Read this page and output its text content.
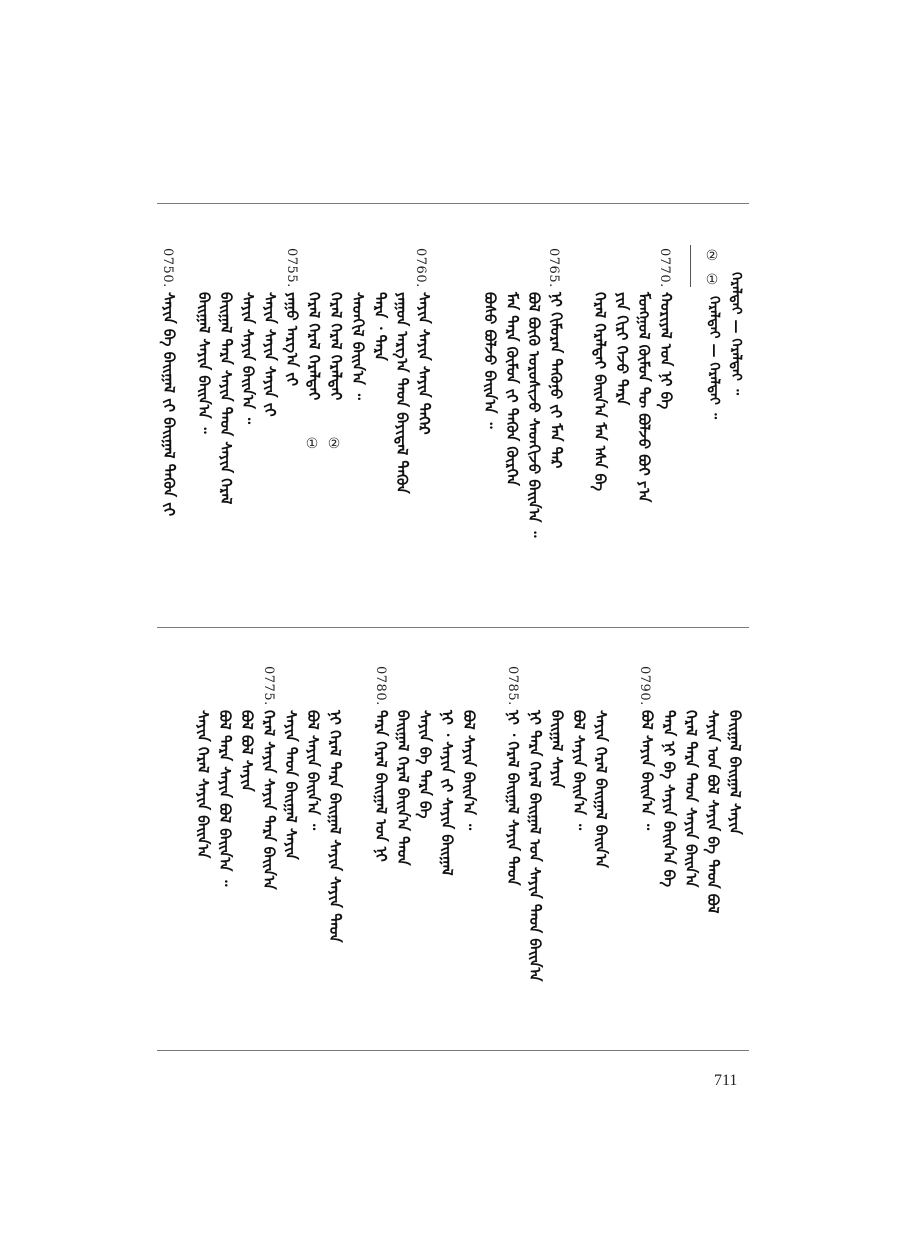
②
① ᠭᠡᠷᠡᠯᠲᠡᠶ — ᠭᠡᠷᠡᠯᠲᠡᠶ ᠃
ᠭᠡᠷᠡᠯᠲᠡᠶ — ᠭᠡᠷᠡᠯᠲᠡᠶ ᠃
0770.
ᠬᠤᠷᠢᠶᠠᠯ ᠤᠨ ᠨᠢ ᠪᠡ
ᠮᠣᠩᠭᠣᠯ ᠬᠦᠮᠦᠨ ᠲᠦ ᠪᠣᠯᠵᠤ ᠪᠤᠢ ᠶ᠎ᠠ
ᠶᠢᠨ ᠬᠢᠷᠢ ᠭᠡᠵᠦ ᠲᠡᠷᠡ
ᠭᠡᠷᠡᠯ ᠭᠡᠷᠡᠯᠲᠡᠶ ᠪᠠᠢᠨ᠎ᠠ ᠮᠠᠨ ᠡᠰᠡ ᠪᠡ
0765.
ᠨᠢ ᠬᠢᠮᠤᠷᠠᠨ ᠲᠡᠭᠦᠨᠦ ᠶ᠋ᠢ ᠮᠠᠨ ᠳᠠᠷ
ᠪᠣᠯ ᠪᠦᠬᠦ ᠤᠷᠤᠰᠢᠵᠤ ᠰᠡᠳᠬᠢᠵᠦ ᠪᠠᠢᠨ᠎ᠠ ᠃
ᠮᠠᠨ ᠲᠡᠷᠡ ᠬᠦᠮᠦᠨ ᠶ᠋ᠢ ᠲᠡᠭᠦᠨ ᠬᠦᠷᠭᠡᠨ
ᠪᠤᠰᠤ ᠪᠣᠯᠵᠤ ᠪᠠᠢᠨ᠎ᠠ ᠃
0760.
ᠰᠠᠶᠢᠨ ᠰᠠᠶᠢᠨ ᠰᠠᠶᠢᠨ ᠳᠡᠭᠡᠷ
ᠶᠠᠭᠤᠨ ᠠᠷᠭ᠎ᠠ ᠲᠡᠳ ᠪᠠᠶᠢᠳᠠᠯ ᠲᠡᠭᠦᠨ
ᠲᠡᠷᠡ ᠂ ᠲᠡᠷᠡ
ᠰᠡᠳᠬᠢᠯ ᠪᠠᠢᠨ᠎ᠠ ᠃
ᠭᠡᠷᠡᠯ ᠭᠡᠷᠡᠯ ᠭᠡᠷᠡᠯᠲᠡᠶ
ᠭᠡᠷᠡᠯ ᠭᠡᠷᠡᠯ ᠭᠡᠷᠡᠯᠲᠡᠶ
②
①
0755.
ᠶᠠᠭᠤ ᠠᠷᠭ᠎ᠠ ᠶ᠋ᠢ
ᠰᠠᠶᠢᠨ ᠰᠠᠶᠢᠨ ᠰᠠᠶᠢᠨ ᠶ᠋ᠢ
ᠰᠠᠶᠢᠨ ᠰᠠᠶᠢᠨ ᠪᠠᠢᠨ᠎ᠠ ᠃
ᠪᠠᠢᠭᠠᠯ ᠲᠡᠷᠡ ᠰᠠᠶᠢᠨ ᠲᠡᠳ ᠰᠠᠶᠢᠨ ᠭᠡᠷᠡᠯ
ᠪᠠᠢᠭᠠᠯ ᠰᠠᠶᠢᠨ ᠪᠠᠢᠨ᠎ᠠ ᠃
0750.
ᠰᠠᠶᠢᠨ ᠪᠡ ᠪᠠᠢᠭᠠᠯ ᠶ᠋ᠢ ᠪᠠᠢᠭᠠᠯ ᠲᠡᠭᠦᠨ ᠶ᠋ᠢ
0790.
ᠪᠠᠢᠭᠠᠯ ᠪᠠᠢᠭᠠᠯ ᠰᠠᠶᠢᠨ
ᠰᠠᠶᠢᠨ ᠤᠨ ᠪᠣᠯ ᠰᠠᠶᠢᠨ ᠪᠡ ᠲᠡᠳ ᠪᠣᠯ
ᠭᠡᠷᠡᠯ ᠲᠡᠷᠡ ᠲᠡᠳ ᠰᠠᠶᠢᠨ ᠪᠠᠢᠨ᠎ᠠ
ᠲᠡᠷᠡ ᠨᠢ ᠪᠡ ᠰᠠᠶᠢᠨ ᠪᠠᠢᠨ᠎ᠠ ᠪᠡ
ᠪᠣᠯ ᠰᠠᠶᠢᠨ ᠪᠠᠢᠨ᠎ᠠ ᠃
0785.
ᠰᠠᠶᠢᠨ ᠭᠡᠷᠡᠯ ᠪᠠᠢᠭᠠᠯ ᠪᠠᠢᠨ᠎ᠠ
ᠪᠣᠯ ᠰᠠᠶᠢᠨ ᠪᠠᠢᠨ᠎ᠠ ᠃
ᠪᠠᠢᠭᠠᠯ ᠰᠠᠶᠢᠨ
ᠨᠢ ᠲᠡᠷᠡ ᠭᠡᠷᠡᠯ ᠪᠠᠢᠭᠠᠯ ᠤᠨ ᠰᠠᠶᠢᠨ ᠲᠡᠳ ᠪᠠᠢᠨ᠎ᠠ
ᠨᠢ ᠂ ᠭᠡᠷᠡᠯ ᠪᠠᠢᠭᠠᠯ ᠰᠠᠶᠢᠨ ᠲᠡᠳ
0780.
ᠪᠣᠯ ᠰᠠᠶᠢᠨ ᠪᠠᠢᠨ᠎ᠠ ᠃
ᠨᠢ ᠂ ᠰᠠᠶᠢᠨ ᠶ᠋ᠢ ᠰᠠᠶᠢᠨ ᠪᠠᠢᠭᠠᠯ
ᠰᠠᠶᠢᠨ ᠪᠡ ᠲᠡᠷᠡ ᠪᠡ
ᠪᠠᠢᠭᠠᠯ ᠭᠡᠷᠡᠯ ᠪᠠᠢᠨ᠎ᠠ ᠲᠡᠳ
ᠲᠡᠷᠡ ᠭᠡᠷᠡᠯ ᠪᠠᠢᠭᠠᠯ ᠤᠨ ᠨᠢ
0775.
ᠨᠢ ᠭᠡᠷᠡᠯ ᠲᠡᠷᠡ ᠪᠠᠢᠭᠠᠯ ᠰᠠᠶᠢᠨ ᠰᠠᠶᠢᠨ ᠲᠡᠳ
ᠪᠣᠯ ᠰᠠᠶᠢᠨ ᠪᠠᠢᠨ᠎ᠠ ᠃
ᠰᠠᠶᠢᠨ ᠲᠡᠳ ᠪᠠᠢᠭᠠᠯ ᠰᠠᠶᠢᠨ
ᠭᠡᠷᠡᠯ ᠰᠠᠶᠢᠨ ᠰᠠᠶᠢᠨ ᠲᠡᠷᠡ ᠪᠠᠢᠨ᠎ᠠ
ᠪᠣᠯ ᠪᠣᠯ ᠰᠠᠶᠢᠨ
ᠪᠣᠯ ᠲᠡᠷᠡ ᠰᠠᠶᠢᠨ ᠪᠣᠯ ᠪᠠᠢᠨ᠎ᠠ ᠃
ᠰᠠᠶᠢᠨ ᠭᠡᠷᠡᠯ ᠰᠠᠶᠢᠨ ᠪᠠᠢᠨ᠎ᠠ
711
